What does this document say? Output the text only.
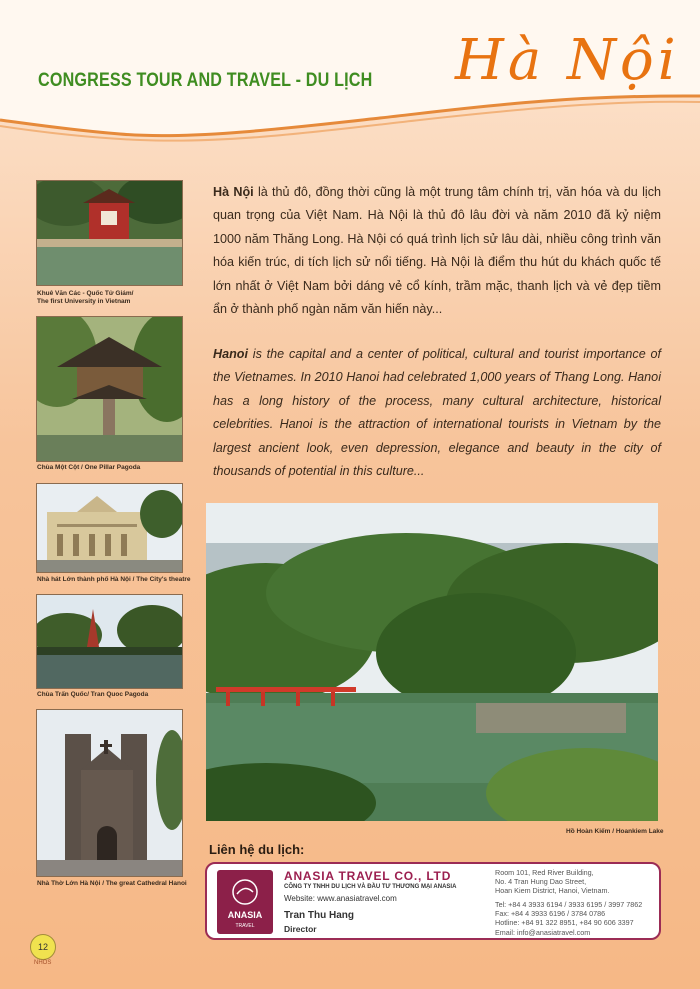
CONGRESS TOUR AND TRAVEL - DU LỊCH Hà Nội
Khuê Văn Các - Quốc Tử Giám/
The first University in Vietnam
Chùa Một Cột / One Pillar Pagoda
Nhà hát Lớn thành phố Hà Nội / The City's theatre
Chùa Trấn Quốc/ Tran Quoc Pagoda
Nhà Thờ Lớn Hà Nội / The great Cathedral Hanoi
Hà Nội là thủ đô, đồng thời cũng là một trung tâm chính trị, văn hóa và du lịch quan trọng của Việt Nam. Hà Nội là thủ đô lâu đời và năm 2010 đã kỷ niệm 1000 năm Thăng Long. Hà Nội có quá trình lịch sử lâu dài, nhiều công trình văn hóa kiến trúc, di tích lịch sử nổi tiếng. Hà Nội là điểm thu hút du khách quốc tế lớn nhất ở Việt Nam bởi dáng vẻ cổ kính, trầm mặc, thanh lịch và vẻ đẹp tiềm ẩn ở thành phố ngàn năm văn hiến này...
Hanoi is the capital and a center of political, cultural and tourist importance of the Vietnames. In 2010 Hanoi had celebrated 1,000 years of Thang Long. Hanoi has a long history of the process, many cultural architecture, historical celebrities. Hanoi is the attraction of international tourists in Vietnam by the largest ancient look, even depression, elegance and beauty in the city of thousands of potential in this culture...
Hồ Hoàn Kiếm / Hoankiem Lake
Liên hệ du lịch:
ANASIA
TRAVEL
ANASIA TRAVEL CO., LTD
CÔNG TY TNHH DU LỊCH VÀ ĐẦU TƯ THƯƠNG MẠI ANASIA
Website: www.anasiatravel.com
Tran Thu Hang
Director
Room 101, Red River Building,
No. 4 Tran Hung Dao Street,
Hoan Kiem District, Hanoi, Vietnam.
Tel: +84 4 3933 6194 / 3933 6195 / 3997 7862
Fax: +84 4 3933 6196 / 3784 0786
Hotline: +84 91 322 8951, +84 90 606 3397
Email: info@anasiatravel.com
12
NHOS
